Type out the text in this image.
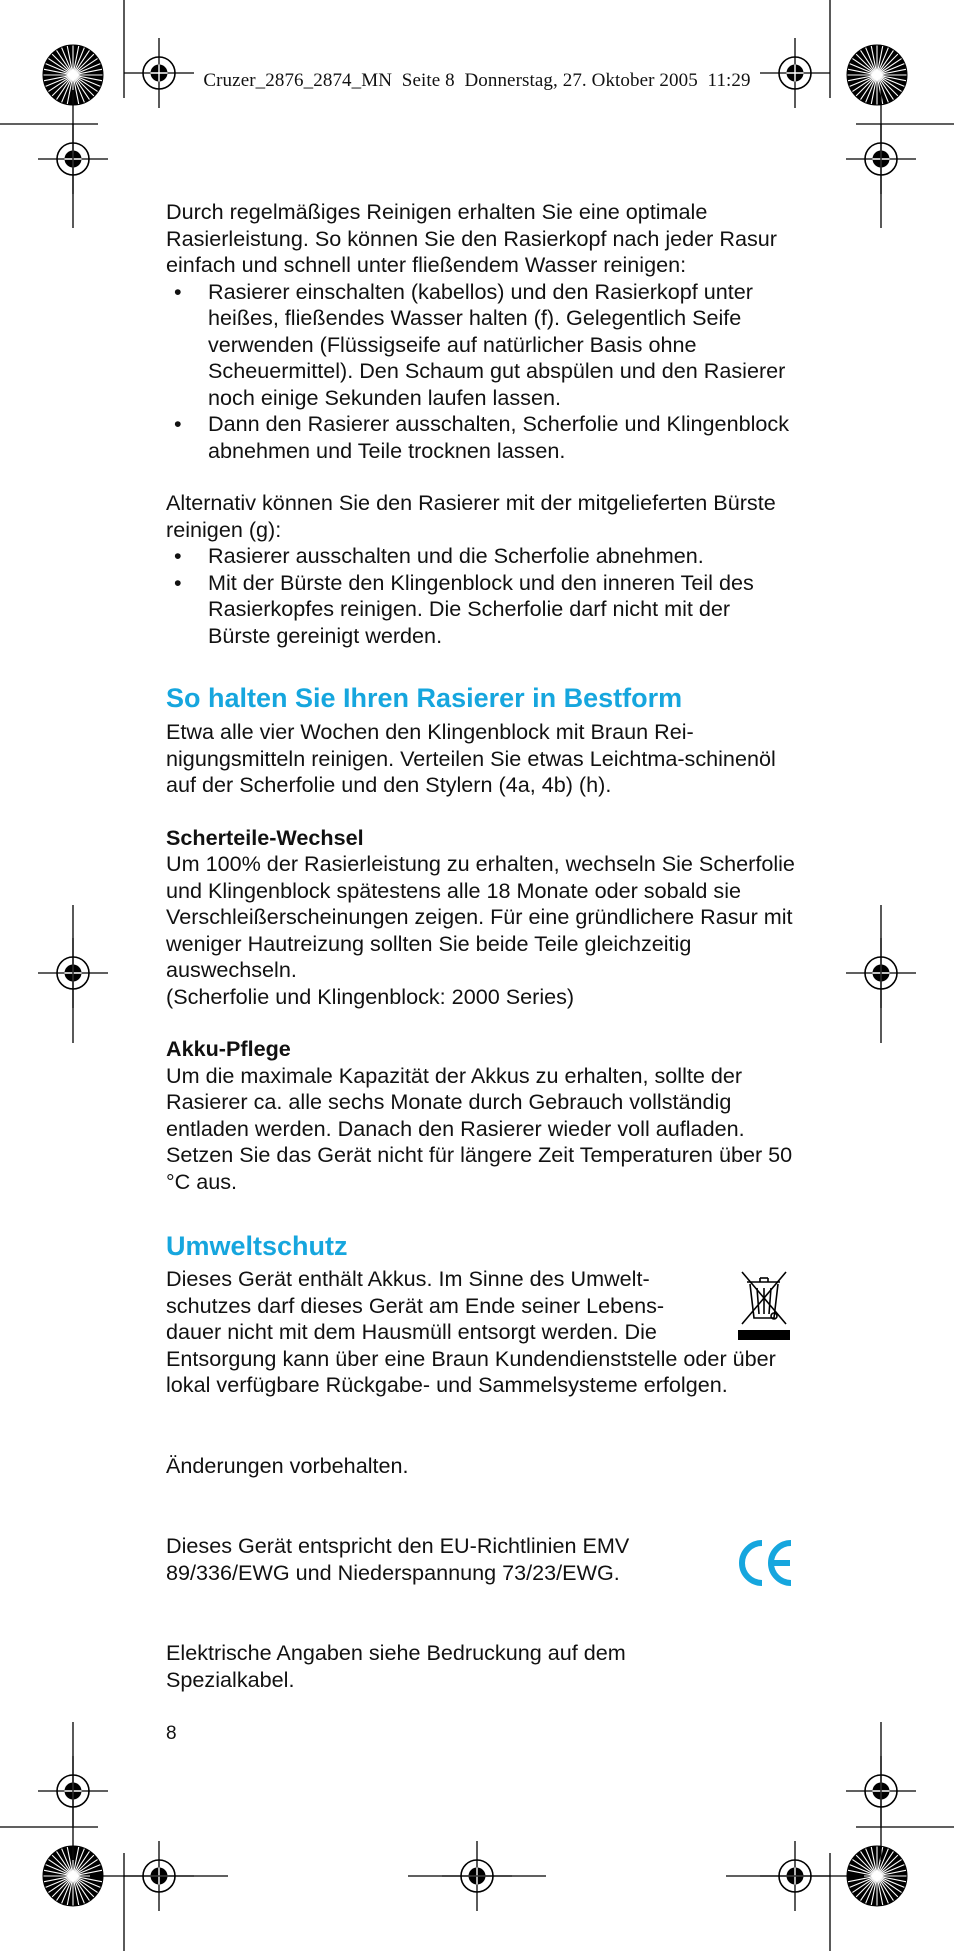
Cruzer_2876_2874_MN Seite 8 Donnerstag, 27. Oktober 2005 11:29

Durch regelmäßiges Reinigen erhalten Sie eine optimale Rasierleistung. So können Sie den Rasierkopf nach jeder Rasur einfach und schnell unter fließendem Wasser reinigen:

• Rasierer einschalten (kabellos) und den Rasierkopf unter heißes, fließendes Wasser halten (f). Gelegentlich Seife verwenden (Flüssigseife auf natürlicher Basis ohne Scheuermittel). Den Schaum gut abspülen und den Rasierer noch einige Sekunden laufen lassen.
• Dann den Rasierer ausschalten, Scherfolie und Klingenblock abnehmen und Teile trocknen lassen.

Alternativ können Sie den Rasierer mit der mitgelieferten Bürste reinigen (g):

• Rasierer ausschalten und die Scherfolie abnehmen.
• Mit der Bürste den Klingenblock und den inneren Teil des Rasierkopfes reinigen. Die Scherfolie darf nicht mit der Bürste gereinigt werden.
So halten Sie Ihren Rasierer in Bestform

Etwa alle vier Wochen den Klingenblock mit Braun Rei-nigungsmitteln reinigen. Verteilen Sie etwas Leichtma-schinenöl auf der Scherfolie und den Stylern (4a, 4b) (h).

Scherteile-Wechsel

Um 100% der Rasierleistung zu erhalten, wechseln Sie Scherfolie und Klingenblock spätestens alle 18 Monate oder sobald sie Verschleißerscheinungen zeigen. Für eine gründlichere Rasur mit weniger Hautreizung sollten Sie beide Teile gleichzeitig auswechseln.

(Scherfolie und Klingenblock: 2000 Series)

Akku-Pflege

Um die maximale Kapazität der Akkus zu erhalten, sollte der Rasierer ca. alle sechs Monate durch Gebrauch vollständig entladen werden. Danach den Rasierer wieder voll aufladen. Setzen Sie das Gerät nicht für längere Zeit Temperaturen über 50 °C aus.

Umweltschutz

Dieses Gerät enthält Akkus. Im Sinne des Umwelt-

schutzes darf dieses Gerät am Ende seiner Lebens-

dauer nicht mit dem Hausmüll entsorgt werden. Die

Entsorgung kann über eine Braun Kundendienststelle oder über lokal verfügbare Rückgabe- und Sammelsysteme erfolgen.

Änderungen vorbehalten.

Dieses Gerät entspricht den EU-Richtlinien EMV

89/336/EWG und Niederspannung 73/23/EWG.

Elektrische Angaben siehe Bedruckung auf dem

Spezialkabel.

8
